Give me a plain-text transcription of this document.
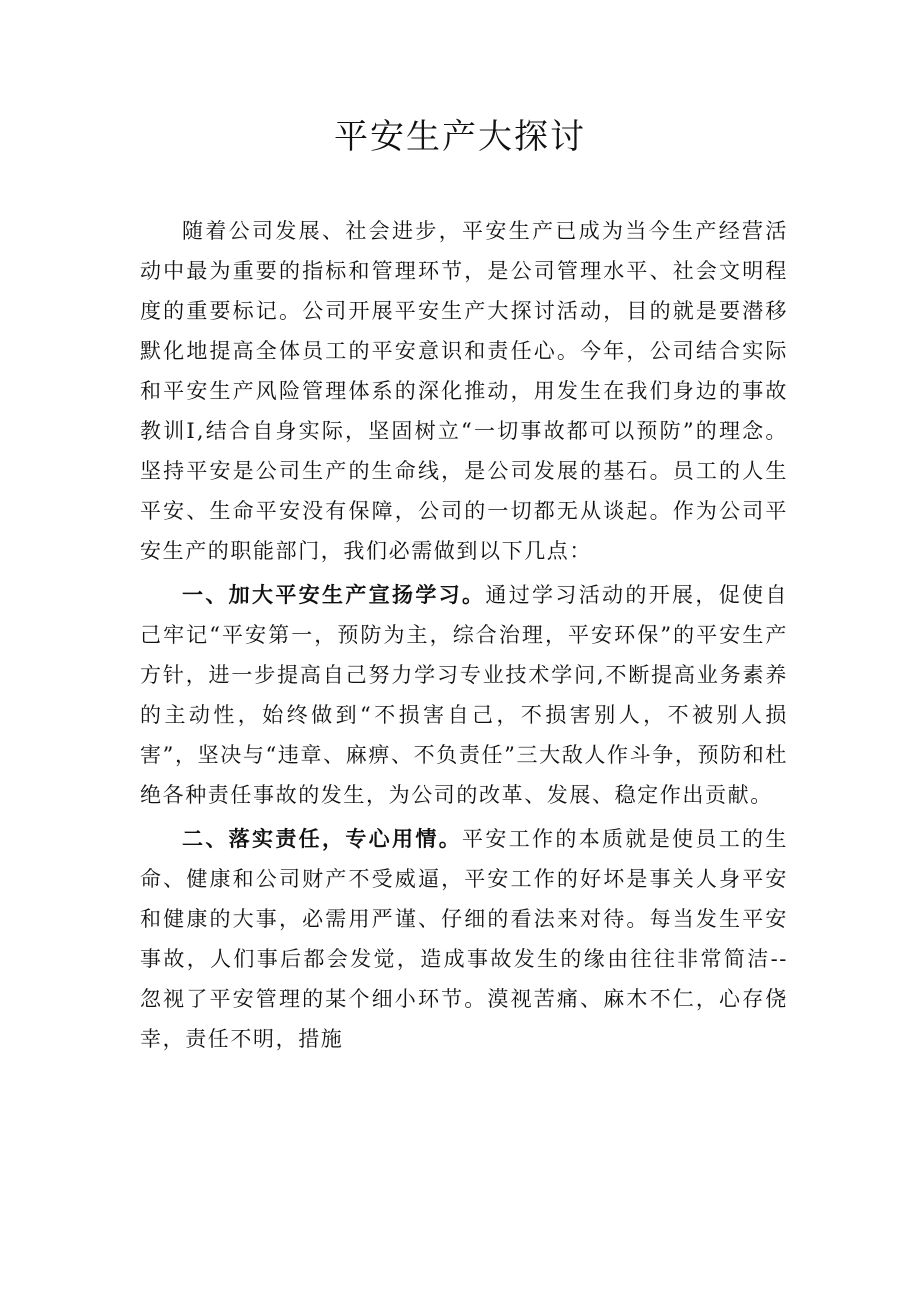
平安生产大探讨

随着公司发展、社会进步，平安生产已成为当今生产经营活动中最为重要的指标和管理环节，是公司管理水平、社会文明程度的重要标记。公司开展平安生产大探讨活动，目的就是要潜移默化地提高全体员工的平安意识和责任心。今年，公司结合实际和平安生产风险管理体系的深化推动，用发生在我们身边的事故教训Ⅰ,结合自身实际，坚固树立“一切事故都可以预防”的理念。坚持平安是公司生产的生命线，是公司发展的基石。员工的人生平安、生命平安没有保障，公司的一切都无从谈起。作为公司平安生产的职能部门，我们必需做到以下几点：

一、加大平安生产宣扬学习。通过学习活动的开展，促使自己牢记“平安第一，预防为主，综合治理，平安环保”的平安生产方针，进一步提高自己努力学习专业技术学问,不断提高业务素养的主动性，始终做到“不损害自己，不损害别人，不被别人损害”，坚决与“违章、麻痹、不负责任”三大敌人作斗争，预防和杜绝各种责任事故的发生，为公司的改革、发展、稳定作出贡献。

二、落实责任，专心用情。平安工作的本质就是使员工的生命、健康和公司财产不受威逼，平安工作的好坏是事关人身平安和健康的大事，必需用严谨、仔细的看法来对待。每当发生平安事故，人们事后都会发觉，造成事故发生的缘由往往非常简洁--忽视了平安管理的某个细小环节。漠视苦痛、麻木不仁，心存侥幸，责任不明，措施
